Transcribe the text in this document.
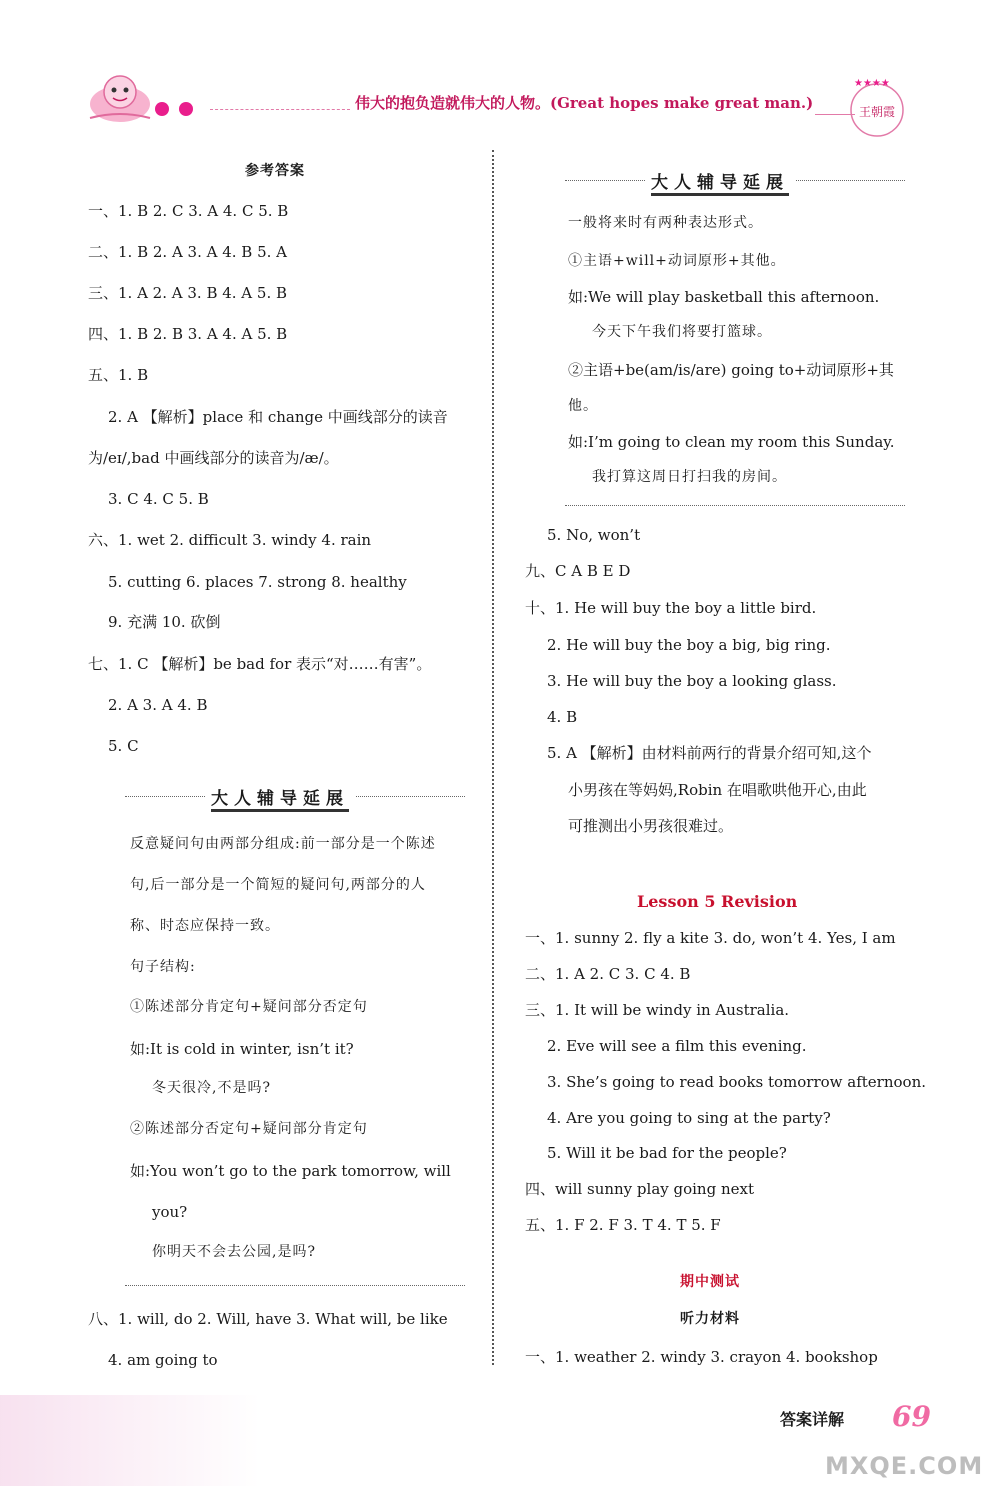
伟大的抱负造就伟大的人物。(Great hopes make great man.)
★★★★
王朝霞
参考答案
一、1. B 2. C 3. A 4. C 5. B
二、1. B 2. A 3. A 4. B 5. A
三、1. A 2. A 3. B 4. A 5. B
四、1. B 2. B 3. A 4. A 5. B
五、1. B
2. A 【解析】place 和 change 中画线部分的读音
为/eɪ/,bad 中画线部分的读音为/æ/。
3. C 4. C 5. B
六、1. wet 2. difficult 3. windy 4. rain
5. cutting 6. places 7. strong 8. healthy
9. 充满 10. 砍倒
七、1. C 【解析】be bad for 表示“对……有害”。
2. A 3. A 4. B
5. C
大人辅导延展
反意疑问句由两部分组成:前一部分是一个陈述
句,后一部分是一个简短的疑问句,两部分的人
称、时态应保持一致。
句子结构:
①陈述部分肯定句+疑问部分否定句
如:It is cold in winter, isn’t it?
冬天很冷,不是吗?
②陈述部分否定句+疑问部分肯定句
如:You won’t go to the park tomorrow, will
you?
你明天不会去公园,是吗?
八、1. will, do 2. Will, have 3. What will, be like
4. am going to
大人辅导延展
一般将来时有两种表达形式。
①主语+will+动词原形+其他。
如:We will play basketball this afternoon.
今天下午我们将要打篮球。
②主语+be(am/is/are) going to+动词原形+其
他。
如:I’m going to clean my room this Sunday.
我打算这周日打扫我的房间。
5. No, won’t
九、C A B E D
十、1. He will buy the boy a little bird.
2. He will buy the boy a big, big ring.
3. He will buy the boy a looking glass.
4. B
5. A 【解析】由材料前两行的背景介绍可知,这个
小男孩在等妈妈,Robin 在唱歌哄他开心,由此
可推测出小男孩很难过。
Lesson 5 Revision
一、1. sunny 2. fly a kite 3. do, won’t 4. Yes, I am
二、1. A 2. C 3. C 4. B
三、1. It will be windy in Australia.
2. Eve will see a film this evening.
3. She’s going to read books tomorrow afternoon.
4. Are you going to sing at the party?
5. Will it be bad for the people?
四、will sunny play going next
五、1. F 2. F 3. T 4. T 5. F
期中测试
听力材料
一、1. weather 2. windy 3. crayon 4. bookshop
答案详解 69
MXQE.COM
